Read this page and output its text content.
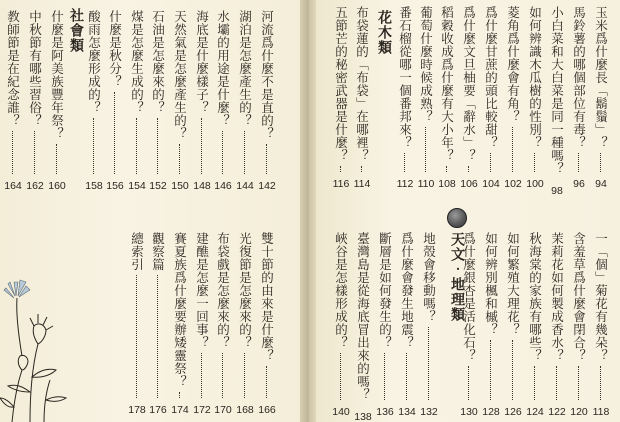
河流爲什麼不是直的？
142
湖泊是怎麼產生的？
144
水壩的用途是什麼？
146
海底是什麼樣子？
148
天然氣是怎麼產生的？
150
石油是怎麼來的？
152
煤是怎麼生成的？
154
什麼是秋分？
156
酸雨怎麼形成的？
158
什麼是阿美族豐年祭？
160
中秋節有哪些習俗？
162
教師節是在紀念誰？
164
社會類
雙十節的由來是什麼？
166
光復節是怎麼來的？
168
布袋戲是怎麼來的？
170
建醮是怎麼一回事？
172
賽夏族爲什麼要辦矮靈祭？
174
觀察篇
176
總索引
178
玉米爲什麼長「鬍鬚」？
94
馬鈴薯的哪個部位有毒？
96
小白菜和大白菜是同一種嗎？
98
如何辨識木瓜樹的性別？
100
菱角爲什麼會有角？
102
爲什麼甘蔗的頭比較甜？
104
爲什麼文旦柚要「辭水」？
106
稻穀收成爲什麼有大小年？
108
葡萄什麼時候成熟？
110
番石榴從哪一個番邦來？
112
布袋蓮的「布袋」在哪裡？
114
五節芒的秘密武器是什麼？
116
花木類
天文‧地理類	一「個」菊花有幾朵？
118
含羞草爲什麼會閉合？
120
茉莉花如何製成香水？
122
秋海棠的家族有哪些？
124
如何繁殖大理花？
126
如何辨別楓和槭？
128
爲什麼銀杏是活化石？
130
地殼會移動嗎？
132
爲什麼會發生地震？
134
斷層是如何發生的？
136
臺灣島是從海底冒出來的嗎？
138
峽谷是怎樣形成的？
140
